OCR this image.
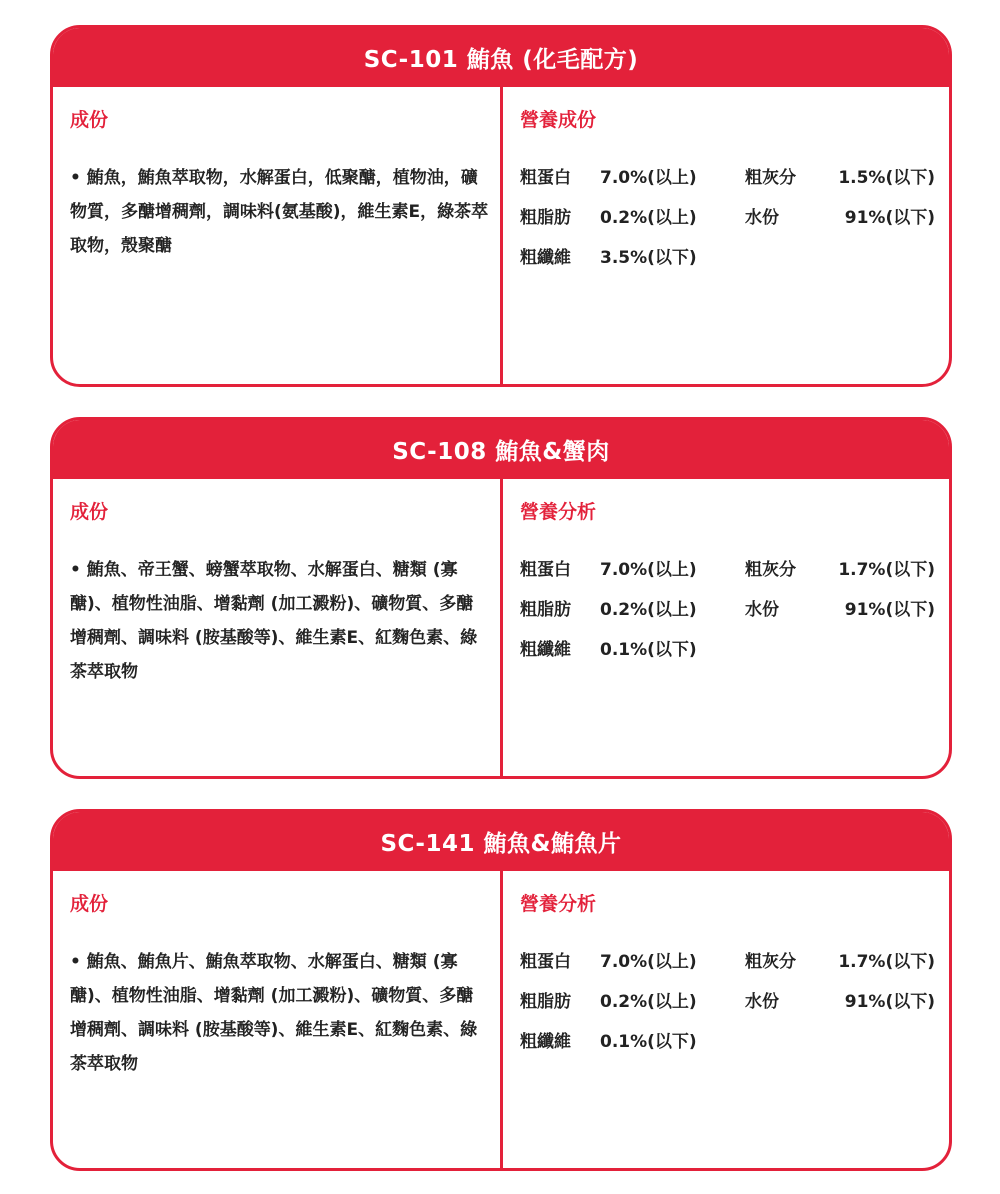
SC-101 鮪魚 (化毛配方)
成份
• 鮪魚，鮪魚萃取物，水解蛋白，低聚醣，植物油，礦物質，多醣增稠劑，調味料(氨基酸)，維生素E，綠茶萃取物，殼聚醣
營養成份
粗蛋白 7.0%(以上)	粗灰分	1.5%(以下)
粗脂肪 0.2%(以上)	水份	91%(以下)
粗纖維 3.5%(以下)
SC-108 鮪魚&蟹肉
成份
• 鮪魚、帝王蟹、螃蟹萃取物、水解蛋白、糖類 (寡醣)、植物性油脂、增黏劑 (加工澱粉)、礦物質、多醣增稠劑、調味料 (胺基酸等)、維生素E、紅麴色素、綠茶萃取物
營養分析
粗蛋白 7.0%(以上)	粗灰分	1.7%(以下)
粗脂肪 0.2%(以上)	水份	91%(以下)
粗纖維 0.1%(以下)
SC-141 鮪魚&鮪魚片
成份
• 鮪魚、鮪魚片、鮪魚萃取物、水解蛋白、糖類 (寡醣)、植物性油脂、增黏劑 (加工澱粉)、礦物質、多醣增稠劑、調味料 (胺基酸等)、維生素E、紅麴色素、綠茶萃取物
營養分析
粗蛋白 7.0%(以上)	粗灰分	1.7%(以下)
粗脂肪 0.2%(以上)	水份	91%(以下)
粗纖維 0.1%(以下)
